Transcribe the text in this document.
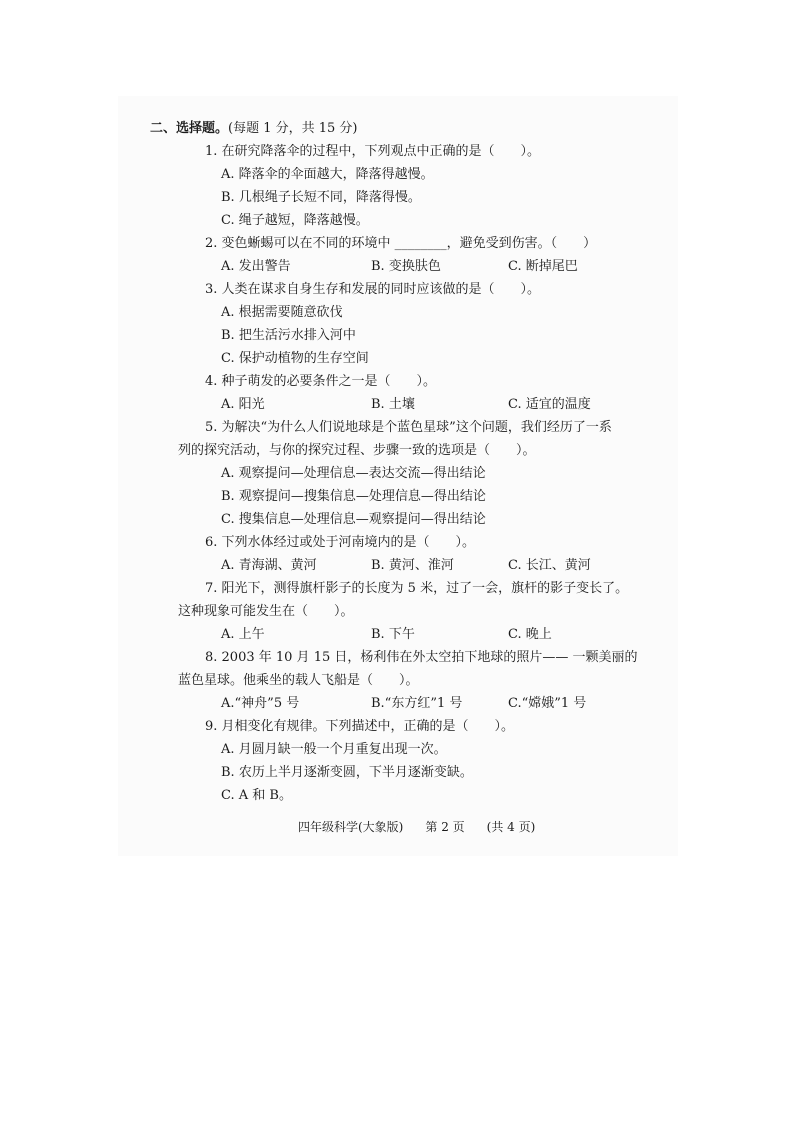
二、选择题。(每题 1 分，共 15 分)
1. 在研究降落伞的过程中，下列观点中正确的是（　　）。
A. 降落伞的伞面越大，降落得越慢。
B. 几根绳子长短不同，降落得慢。
C. 绳子越短，降落越慢。
2. 变色蜥蜴可以在不同的环境中 ________，避免受到伤害。（　　）
A. 发出警告	B. 变换肤色	C. 断掉尾巴
3. 人类在谋求自身生存和发展的同时应该做的是（　　）。
A. 根据需要随意砍伐
B. 把生活污水排入河中
C. 保护动植物的生存空间
4. 种子萌发的必要条件之一是（　　）。
A. 阳光	B. 土壤	C. 适宜的温度
5. 为解决“为什么人们说地球是个蓝色星球”这个问题，我们经历了一系
列的探究活动，与你的探究过程、步骤一致的选项是（　　）。
A. 观察提问—处理信息—表达交流—得出结论
B. 观察提问—搜集信息—处理信息—得出结论
C. 搜集信息—处理信息—观察提问—得出结论
6. 下列水体经过或处于河南境内的是（　　）。
A. 青海湖、黄河	B. 黄河、淮河	C. 长江、黄河
7. 阳光下，测得旗杆影子的长度为 5 米，过了一会，旗杆的影子变长了。
这种现象可能发生在（　　）。
A. 上午	B. 下午	C. 晚上
8. 2003 年 10 月 15 日，杨利伟在外太空拍下地球的照片—— 一颗美丽的
蓝色星球。他乘坐的载人飞船是（　　）。
A.“神舟”5 号	B.“东方红”1 号	C.“嫦娥”1 号
9. 月相变化有规律。下列描述中，正确的是（　　）。
A. 月圆月缺一般一个月重复出现一次。
B. 农历上半月逐渐变圆，下半月逐渐变缺。
C. A 和 B。
四年级科学(大象版) 第 2 页 (共 4 页)
